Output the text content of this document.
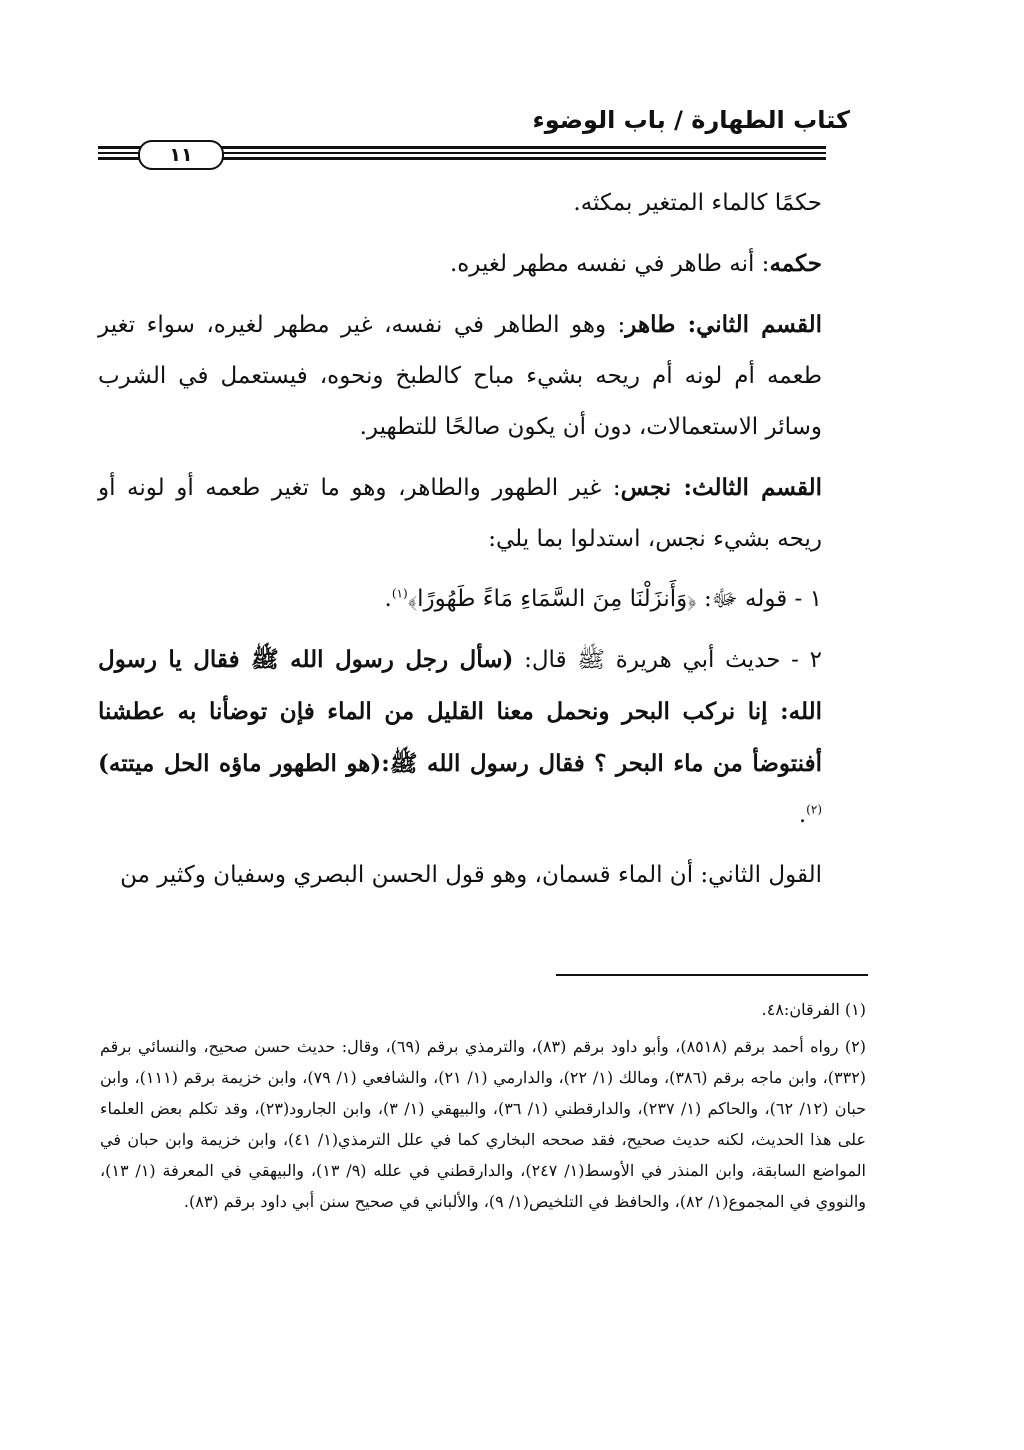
كتاب الطهارة / باب الوضوء
١١

حكمًا كالماء المتغير بمكثه.

حكمه: أنه طاهر في نفسه مطهر لغيره.

القسم الثاني: طاهر: وهو الطاهر في نفسه، غير مطهر لغيره، سواء تغير طعمه أم لونه أم ريحه بشيء مباح كالطبخ ونحوه، فيستعمل في الشرب وسائر الاستعمالات، دون أن يكون صالحًا للتطهير.

القسم الثالث: نجس: غير الطهور والطاهر، وهو ما تغير طعمه أو لونه أو ريحه بشيء نجس، استدلوا بما يلي:

١ - قوله ﷻ: ﴿وَأَنزَلْنَا مِنَ السَّمَاءِ مَاءً طَهُورًا﴾$^{(١)}$.

٢ - حديث أبي هريرة ﷺ قال: (سأل رجل رسول الله ﷺ فقال يا رسول الله: إنا نركب البحر ونحمل معنا القليل من الماء فإن توضأنا به عطشنا أفنتوضأ من ماء البحر ؟ فقال رسول الله ﷺ:(هو الطهور ماؤه الحل ميتته)$^{(٢)}$.

القول الثاني: أن الماء قسمان، وهو قول الحسن البصري وسفيان وكثير من

(١) الفرقان:٤٨.

(٢) رواه أحمد برقم (٨٥١٨)، وأبو داود برقم (٨٣)، والترمذي برقم (٦٩)، وقال: حديث حسن صحيح، والنسائي برقم (٣٣٢)، وابن ماجه برقم (٣٨٦)، ومالك (١/ ٢٢)، والدارمي (١/ ٢١)، والشافعي (١/ ٧٩)، وابن خزيمة برقم (١١١)، وابن حبان (١٢/ ٦٢)، والحاكم (١/ ٢٣٧)، والدارقطني (١/ ٣٦)، والبيهقي (١/ ٣)، وابن الجارود(٢٣)، وقد تكلم بعض العلماء على هذا الحديث، لكنه حديث صحيح، فقد صححه البخاري كما في علل الترمذي(١/ ٤١)، وابن خزيمة وابن حبان في المواضع السابقة، وابن المنذر في الأوسط(١/ ٢٤٧)، والدارقطني في علله (٩/ ١٣)، والبيهقي في المعرفة (١/ ١٣)، والنووي في المجموع(١/ ٨٢)، والحافظ في التلخيص(١/ ٩)، والألباني في صحيح سنن أبي داود برقم (٨٣).
